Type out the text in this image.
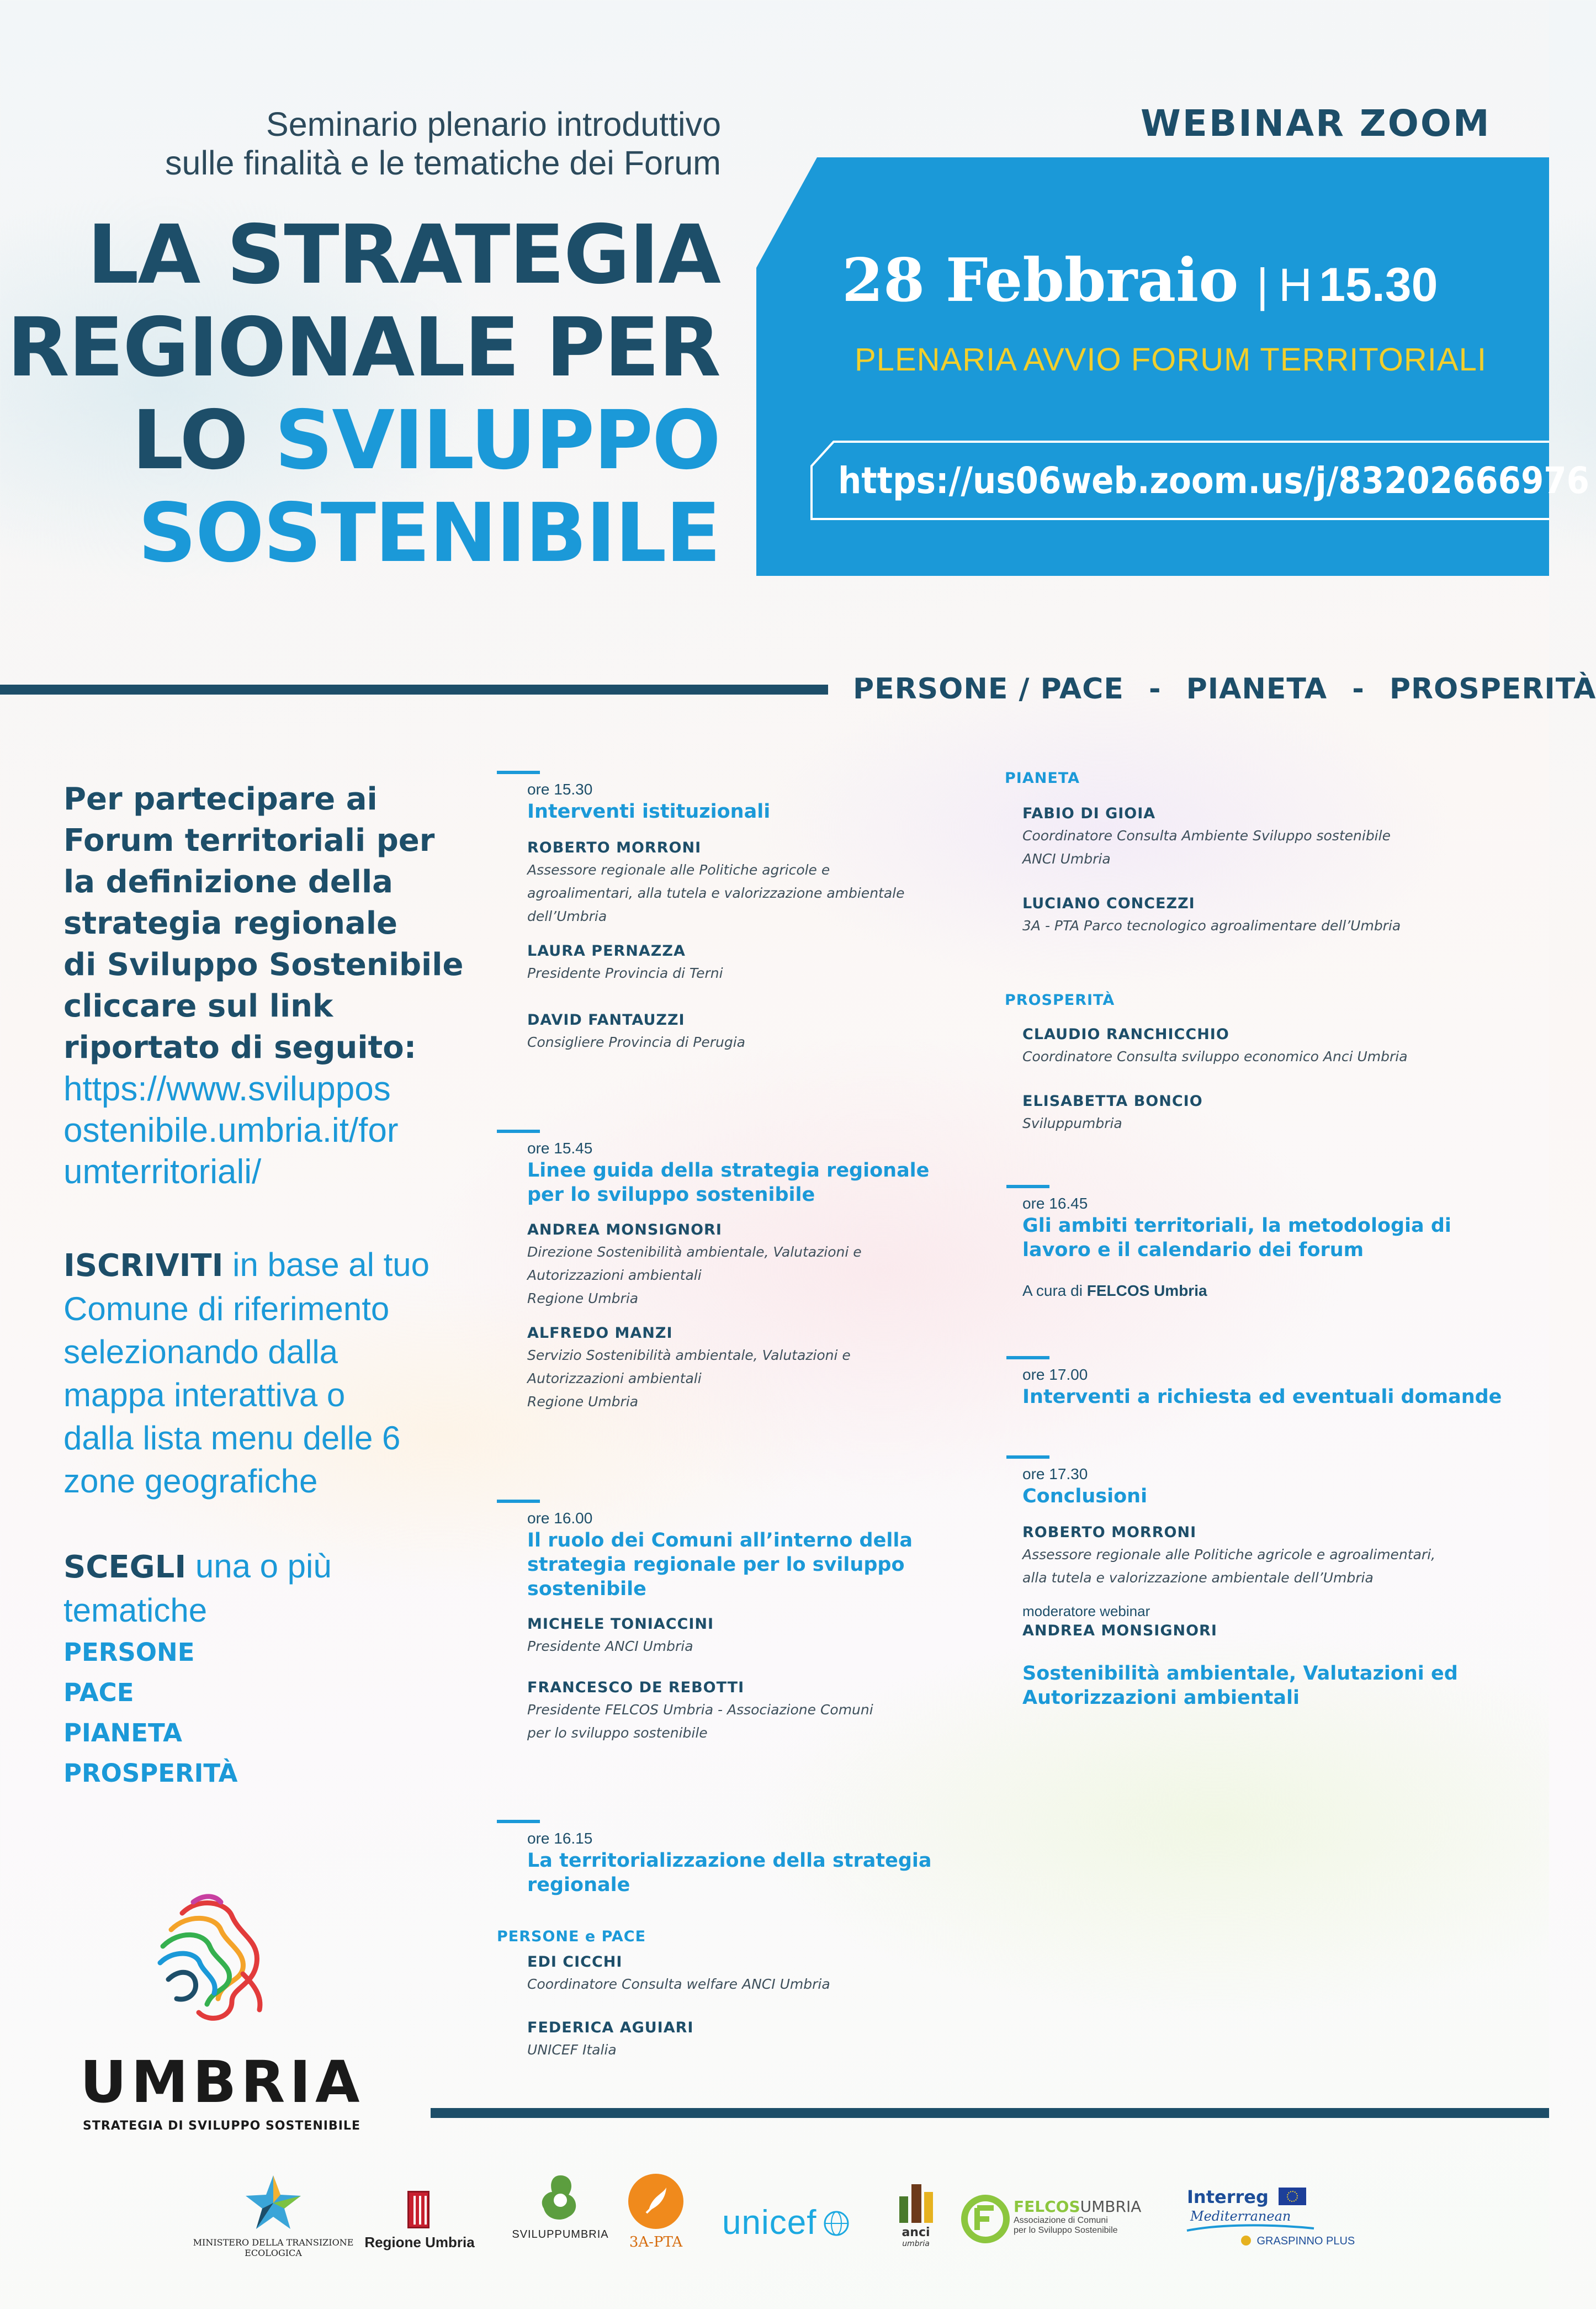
Seminario plenario introduttivo
sulle finalità e le tematiche dei Forum
LA STRATEGIA
REGIONALE PER
LO SVILUPPO
SOSTENIBILE
WEBINAR ZOOM
28 Febbraio | H 15.30
PLENARIA AVVIO FORUM TERRITORIALI
https://us06web.zoom.us/j/83202666976
PERSONE / PACE - PIANETA - PROSPERITÀ
Per partecipare ai
Forum territoriali per
la definizione della
strategia regionale
di Sviluppo Sostenibile
cliccare sul link
riportato di seguito:
https://www.sviluppos
ostenibile.umbria.it/for
umterritoriali/
ISCRIVITI in base al tuo
Comune di riferimento
selezionando dalla
mappa interattiva o
dalla lista menu delle 6
zone geografiche
SCEGLI una o più
tematiche
PERSONE
PACE
PIANETA
PROSPERITÀ
UMBRIA
STRATEGIA DI SVILUPPO SOSTENIBILE
ore 15.30
Interventi istituzionali
ROBERTO MORRONI
Assessore regionale alle Politiche agricole e
agroalimentari, alla tutela e valorizzazione ambientale
dell’Umbria
LAURA PERNAZZA
Presidente Provincia di Terni
DAVID FANTAUZZI
Consigliere Provincia di Perugia
ore 15.45
Linee guida della strategia regionale
per lo sviluppo sostenibile
ANDREA MONSIGNORI
Direzione Sostenibilità ambientale, Valutazioni e
Autorizzazioni ambientali
Regione Umbria
ALFREDO MANZI
Servizio Sostenibilità ambientale, Valutazioni e
Autorizzazioni ambientali
Regione Umbria
ore 16.00
Il ruolo dei Comuni all’interno della
strategia regionale per lo sviluppo
sostenibile
MICHELE TONIACCINI
Presidente ANCI Umbria
FRANCESCO DE REBOTTI
Presidente FELCOS Umbria - Associazione Comuni
per lo sviluppo sostenibile
ore 16.15
La territorializzazione della strategia
regionale
PERSONE e PACE
EDI CICCHI
Coordinatore Consulta welfare ANCI Umbria
FEDERICA AGUIARI
UNICEF Italia
PIANETA
FABIO DI GIOIA
Coordinatore Consulta Ambiente Sviluppo sostenibile
ANCI Umbria
LUCIANO CONCEZZI
3A - PTA Parco tecnologico agroalimentare dell’Umbria
PROSPERITÀ
CLAUDIO RANCHICCHIO
Coordinatore Consulta sviluppo economico Anci Umbria
ELISABETTA BONCIO
Sviluppumbria
ore 16.45
Gli ambiti territoriali, la metodologia di
lavoro e il calendario dei forum
A cura di FELCOS Umbria
ore 17.00
Interventi a richiesta ed eventuali domande
ore 17.30
Conclusioni
ROBERTO MORRONI
Assessore regionale alle Politiche agricole e agroalimentari,
alla tutela e valorizzazione ambientale dell’Umbria
moderatore webinar
ANDREA MONSIGNORI
Sostenibilità ambientale, Valutazioni ed
Autorizzazioni ambientali
MINISTERO DELLA TRANSIZIONE
ECOLOGICA
Regione Umbria	SVILUPPUMBRIA	3A-PTA
unicef	anci
umbria
FELCOSUMBRIA
Associazione di Comuni
per lo Sviluppo Sostenibile
Interreg
Mediterranean
GRASPINNO PLUS
